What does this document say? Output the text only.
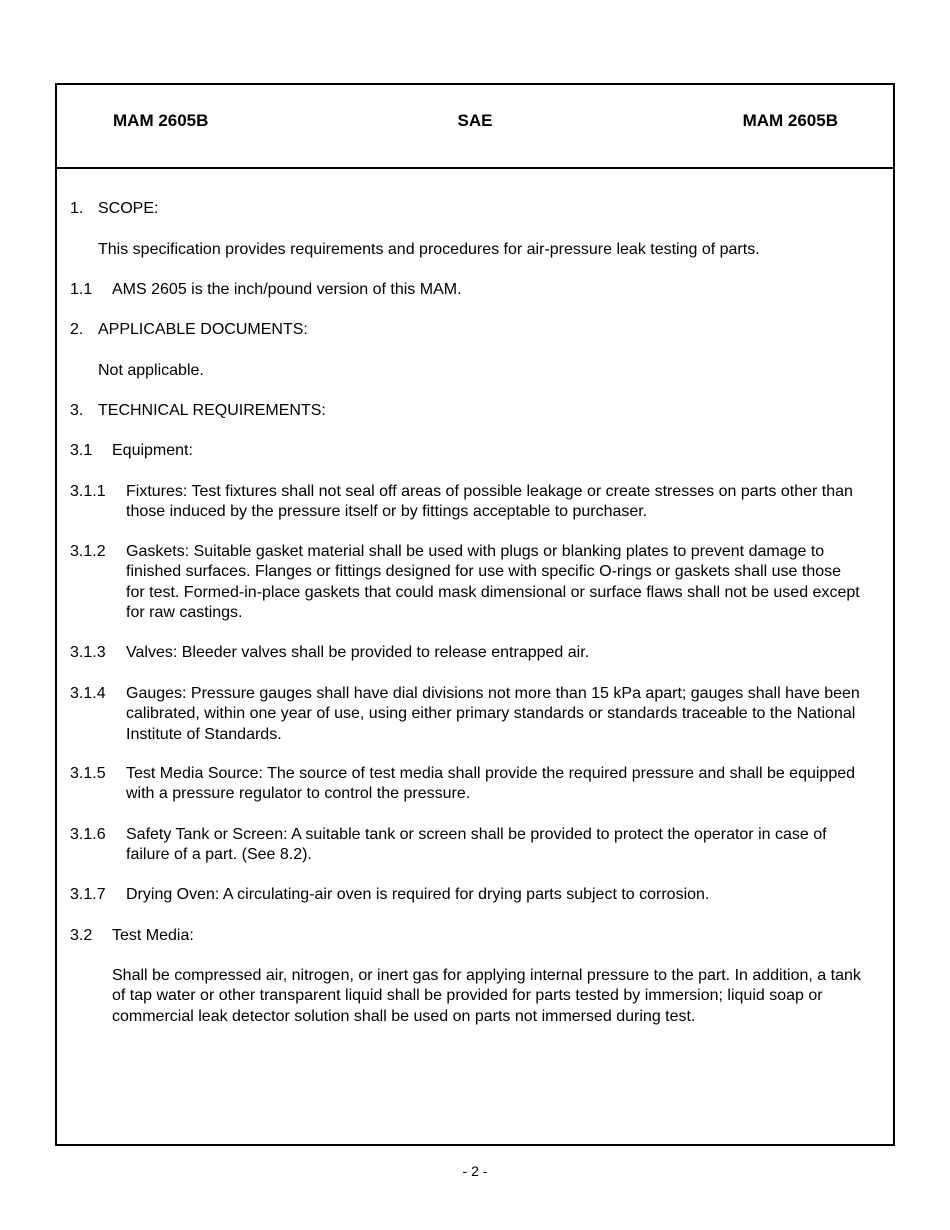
MAM 2605B	SAE	MAM 2605B
1. SCOPE:
This specification provides requirements and procedures for air-pressure leak testing of parts.
1.1 AMS 2605 is the inch/pound version of this MAM.
2. APPLICABLE DOCUMENTS:
Not applicable.
3. TECHNICAL REQUIREMENTS:
3.1 Equipment:
3.1.1 Fixtures: Test fixtures shall not seal off areas of possible leakage or create stresses on parts other than those induced by the pressure itself or by fittings acceptable to purchaser.
3.1.2 Gaskets: Suitable gasket material shall be used with plugs or blanking plates to prevent damage to finished surfaces. Flanges or fittings designed for use with specific O-rings or gaskets shall use those for test. Formed-in-place gaskets that could mask dimensional or surface flaws shall not be used except for raw castings.
3.1.3 Valves: Bleeder valves shall be provided to release entrapped air.
3.1.4 Gauges: Pressure gauges shall have dial divisions not more than 15 kPa apart; gauges shall have been calibrated, within one year of use, using either primary standards or standards traceable to the National Institute of Standards.
3.1.5 Test Media Source: The source of test media shall provide the required pressure and shall be equipped with a pressure regulator to control the pressure.
3.1.6 Safety Tank or Screen: A suitable tank or screen shall be provided to protect the operator in case of failure of a part. (See 8.2).
3.1.7 Drying Oven: A circulating-air oven is required for drying parts subject to corrosion.
3.2 Test Media:
Shall be compressed air, nitrogen, or inert gas for applying internal pressure to the part. In addition, a tank of tap water or other transparent liquid shall be provided for parts tested by immersion; liquid soap or commercial leak detector solution shall be used on parts not immersed during test.
- 2 -
